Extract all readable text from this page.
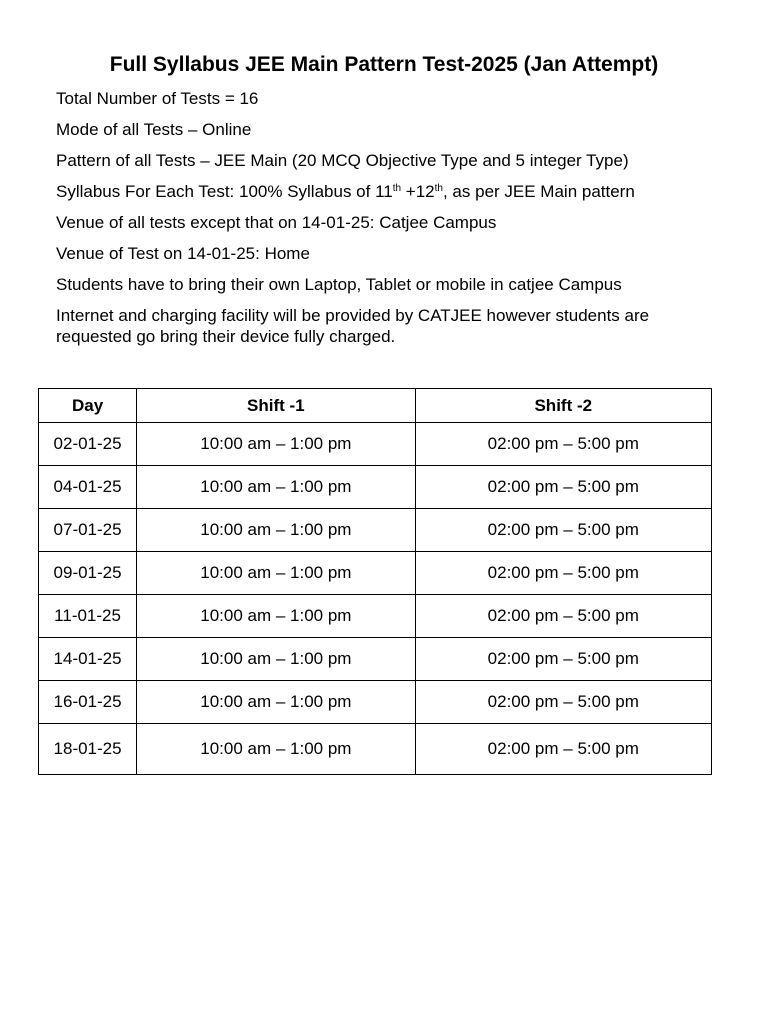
Full Syllabus JEE Main Pattern Test-2025 (Jan Attempt)
Total Number of Tests = 16
Mode of all Tests – Online
Pattern of all Tests – JEE Main (20 MCQ Objective Type and 5 integer Type)
Syllabus For Each Test: 100% Syllabus of 11th +12th, as per JEE Main pattern
Venue of all tests except that on 14-01-25: Catjee Campus
Venue of Test on 14-01-25: Home
Students have to bring their own Laptop, Tablet or mobile in catjee Campus
Internet and charging facility will be provided by CATJEE however students are requested go bring their device fully charged.
Day	Shift -1	Shift -2
02-01-25	10:00 am – 1:00 pm	02:00 pm – 5:00 pm
04-01-25	10:00 am – 1:00 pm	02:00 pm – 5:00 pm
07-01-25	10:00 am – 1:00 pm	02:00 pm – 5:00 pm
09-01-25	10:00 am – 1:00 pm	02:00 pm – 5:00 pm
11-01-25	10:00 am – 1:00 pm	02:00 pm – 5:00 pm
14-01-25	10:00 am – 1:00 pm	02:00 pm – 5:00 pm
16-01-25	10:00 am – 1:00 pm	02:00 pm – 5:00 pm
18-01-25	10:00 am – 1:00 pm	02:00 pm – 5:00 pm
